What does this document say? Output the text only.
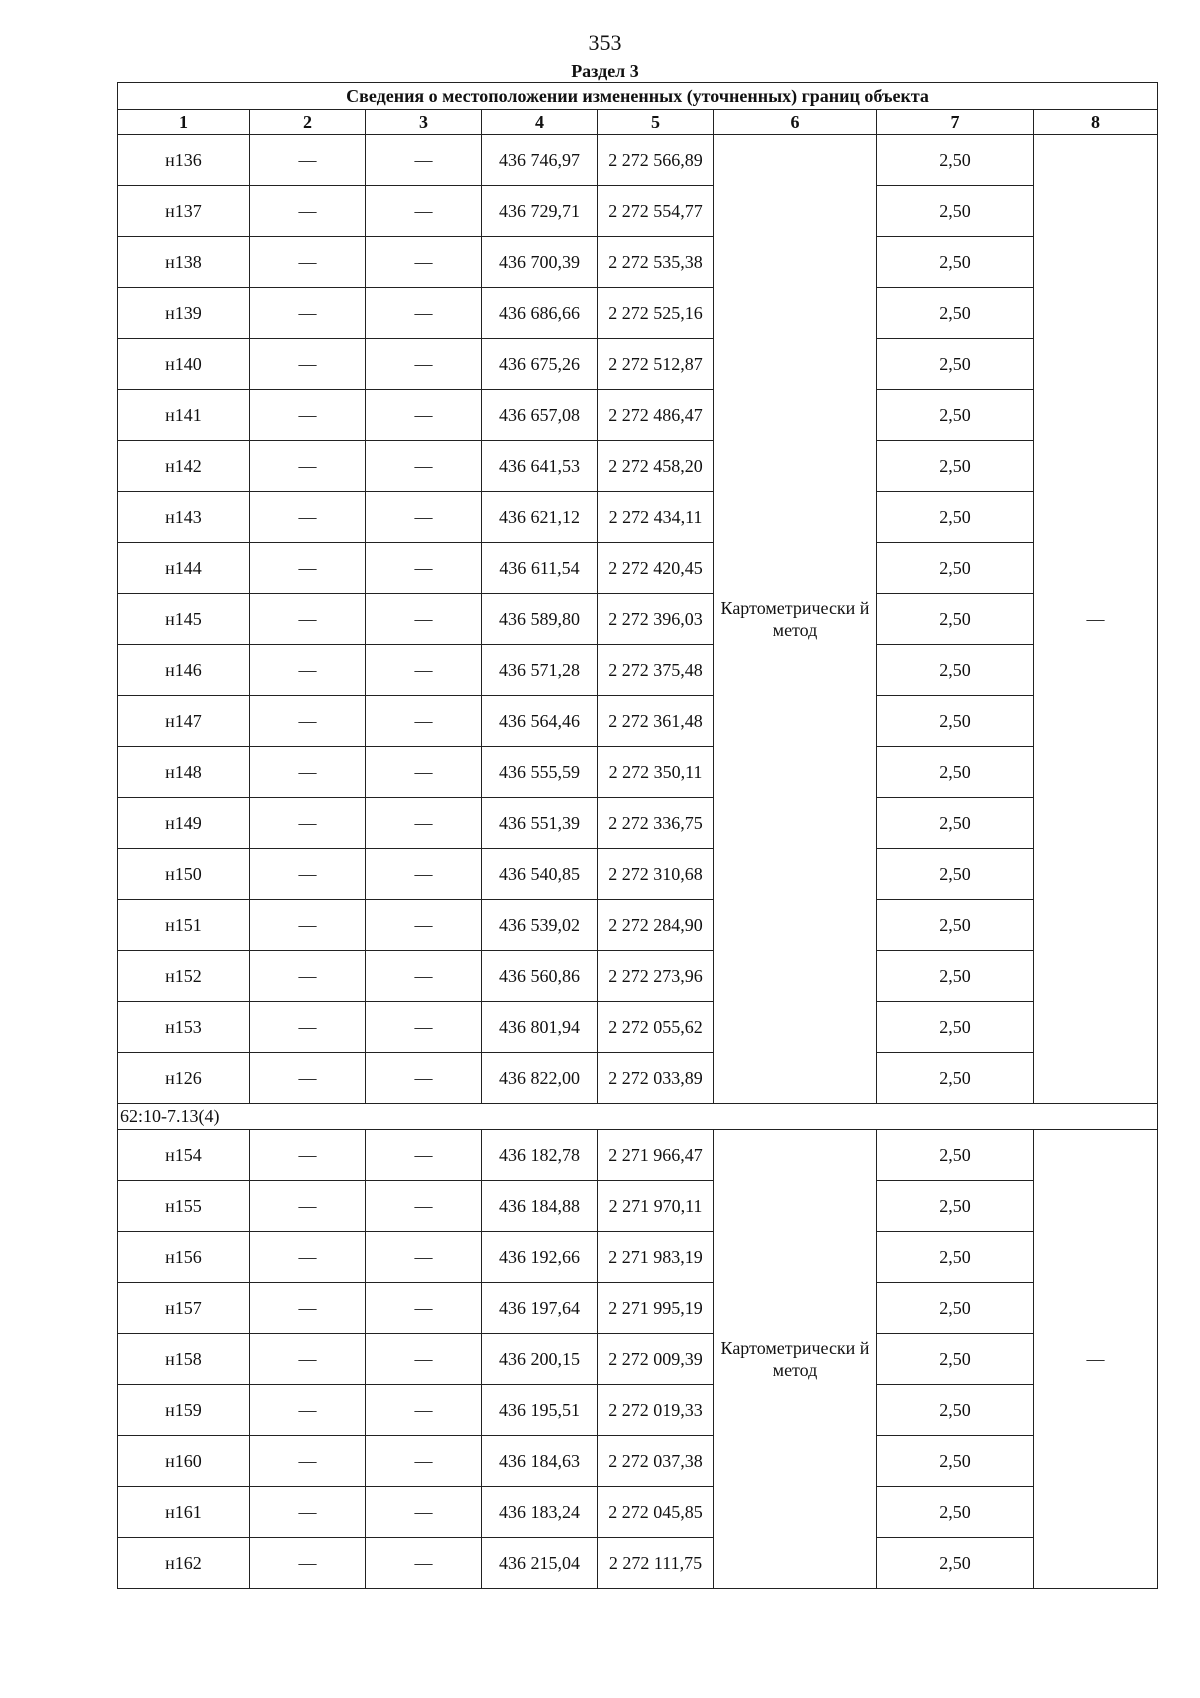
353
Раздел 3
Сведения о местоположении измененных (уточненных) границ объекта							
1	2	3	4	5	6	7	8
н136	—	—	436 746,97	2 272 566,89	Картометрически й метод	2,50	—
н137	—	—	436 729,71	2 272 554,77		2,50	
н138	—	—	436 700,39	2 272 535,38		2,50	
н139	—	—	436 686,66	2 272 525,16		2,50	
н140	—	—	436 675,26	2 272 512,87		2,50	
н141	—	—	436 657,08	2 272 486,47		2,50	
н142	—	—	436 641,53	2 272 458,20		2,50	
н143	—	—	436 621,12	2 272 434,11		2,50	
н144	—	—	436 611,54	2 272 420,45		2,50	
н145	—	—	436 589,80	2 272 396,03		2,50	
н146	—	—	436 571,28	2 272 375,48		2,50	
н147	—	—	436 564,46	2 272 361,48		2,50	
н148	—	—	436 555,59	2 272 350,11		2,50	
н149	—	—	436 551,39	2 272 336,75		2,50	
н150	—	—	436 540,85	2 272 310,68		2,50	
н151	—	—	436 539,02	2 272 284,90		2,50	
н152	—	—	436 560,86	2 272 273,96		2,50	
н153	—	—	436 801,94	2 272 055,62		2,50	
н126	—	—	436 822,00	2 272 033,89		2,50	
62:10-7.13(4)							
н154	—	—	436 182,78	2 271 966,47	Картометрически й метод	2,50	—
н155	—	—	436 184,88	2 271 970,11		2,50	
н156	—	—	436 192,66	2 271 983,19		2,50	
н157	—	—	436 197,64	2 271 995,19		2,50	
н158	—	—	436 200,15	2 272 009,39		2,50	
н159	—	—	436 195,51	2 272 019,33		2,50	
н160	—	—	436 184,63	2 272 037,38		2,50	
н161	—	—	436 183,24	2 272 045,85		2,50	
н162	—	—	436 215,04	2 272 111,75		2,50	
